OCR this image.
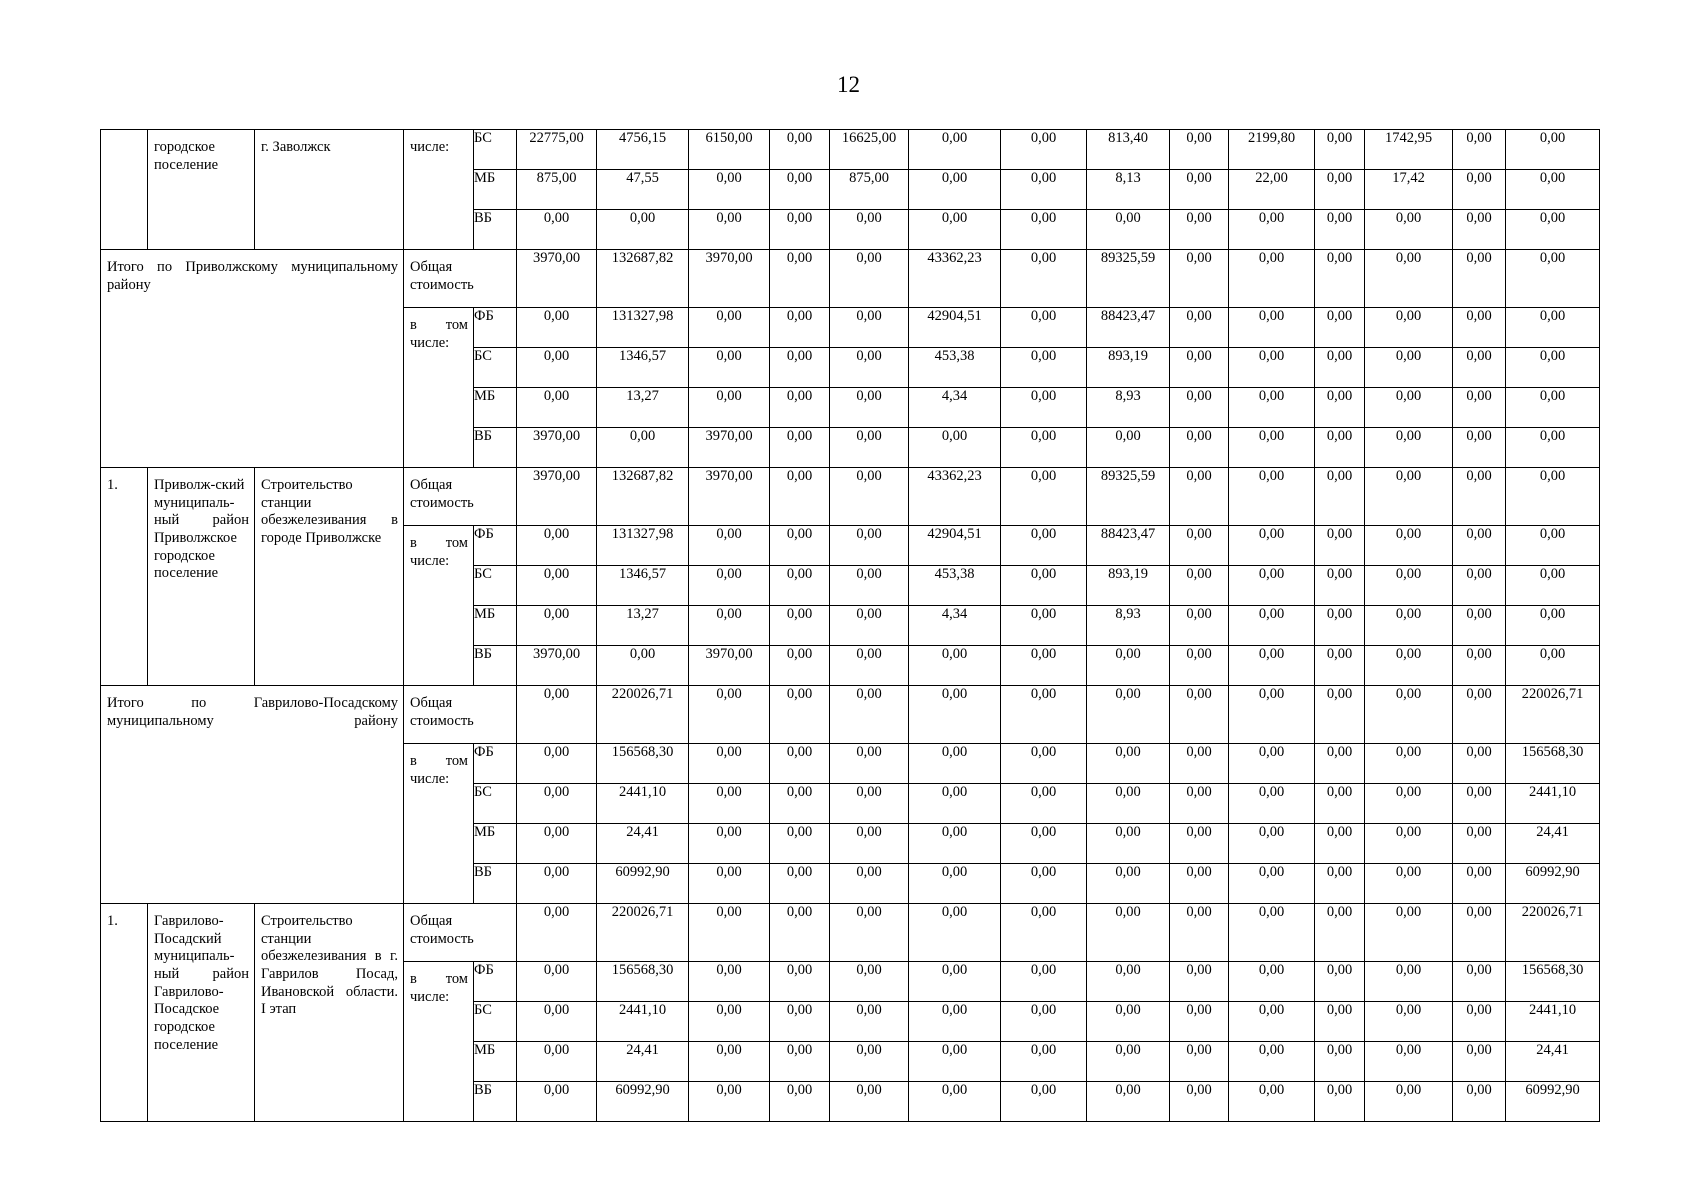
12

	городское поселение	г. Заволжск	числе:	БС	22775,00	4756,15	6150,00	0,00	16625,00	0,00	0,00	813,40	0,00	2199,80	0,00	1742,95	0,00	0,00
				МБ	875,00	47,55	0,00	0,00	875,00	0,00	0,00	8,13	0,00	22,00	0,00	17,42	0,00	0,00
				ВБ	0,00	0,00	0,00	0,00	0,00	0,00	0,00	0,00	0,00	0,00	0,00	0,00	0,00	0,00

Итого по Приволжскому муниципальному району			Общая стоимость		3970,00	132687,82	3970,00	0,00	0,00	43362,23	0,00	89325,59	0,00	0,00	0,00	0,00	0,00	0,00

			в том числе:	ФБ	0,00	131327,98	0,00	0,00	0,00	42904,51	0,00	88423,47	0,00	0,00	0,00	0,00	0,00	0,00
				БС	0,00	1346,57	0,00	0,00	0,00	453,38	0,00	893,19	0,00	0,00	0,00	0,00	0,00	0,00
				МБ	0,00	13,27	0,00	0,00	0,00	4,34	0,00	8,93	0,00	0,00	0,00	0,00	0,00	0,00
				ВБ	3970,00	0,00	3970,00	0,00	0,00	0,00	0,00	0,00	0,00	0,00	0,00	0,00	0,00	0,00

1.	Приволж-ский муниципаль-ный район Приволжское городское поселение	Строительство станции обезжелезивания в городе Приволжске	Общая стоимость		3970,00	132687,82	3970,00	0,00	0,00	43362,23	0,00	89325,59	0,00	0,00	0,00	0,00	0,00	0,00

			в том числе:	ФБ	0,00	131327,98	0,00	0,00	0,00	42904,51	0,00	88423,47	0,00	0,00	0,00	0,00	0,00	0,00
				БС	0,00	1346,57	0,00	0,00	0,00	453,38	0,00	893,19	0,00	0,00	0,00	0,00	0,00	0,00
				МБ	0,00	13,27	0,00	0,00	0,00	4,34	0,00	8,93	0,00	0,00	0,00	0,00	0,00	0,00
				ВБ	3970,00	0,00	3970,00	0,00	0,00	0,00	0,00	0,00	0,00	0,00	0,00	0,00	0,00	0,00

Итого по Гаврилово-Посадскому муниципальному району			Общая стоимость		0,00	220026,71	0,00	0,00	0,00	0,00	0,00	0,00	0,00	0,00	0,00	0,00	0,00	220026,71

			в том числе:	ФБ	0,00	156568,30	0,00	0,00	0,00	0,00	0,00	0,00	0,00	0,00	0,00	0,00	0,00	156568,30
				БС	0,00	2441,10	0,00	0,00	0,00	0,00	0,00	0,00	0,00	0,00	0,00	0,00	0,00	2441,10
				МБ	0,00	24,41	0,00	0,00	0,00	0,00	0,00	0,00	0,00	0,00	0,00	0,00	0,00	24,41
				ВБ	0,00	60992,90	0,00	0,00	0,00	0,00	0,00	0,00	0,00	0,00	0,00	0,00	0,00	60992,90

1.	Гаврилово-Посадский муниципаль-ный район Гаврилово-Посадское городское поселение	Строительство станции обезжелезивания в г. Гаврилов Посад, Ивановской области. I этап	Общая стоимость		0,00	220026,71	0,00	0,00	0,00	0,00	0,00	0,00	0,00	0,00	0,00	0,00	0,00	220026,71

			в том числе:	ФБ	0,00	156568,30	0,00	0,00	0,00	0,00	0,00	0,00	0,00	0,00	0,00	0,00	0,00	156568,30
				БС	0,00	2441,10	0,00	0,00	0,00	0,00	0,00	0,00	0,00	0,00	0,00	0,00	0,00	2441,10
				МБ	0,00	24,41	0,00	0,00	0,00	0,00	0,00	0,00	0,00	0,00	0,00	0,00	0,00	24,41
				ВБ	0,00	60992,90	0,00	0,00	0,00	0,00	0,00	0,00	0,00	0,00	0,00	0,00	0,00	60992,90
